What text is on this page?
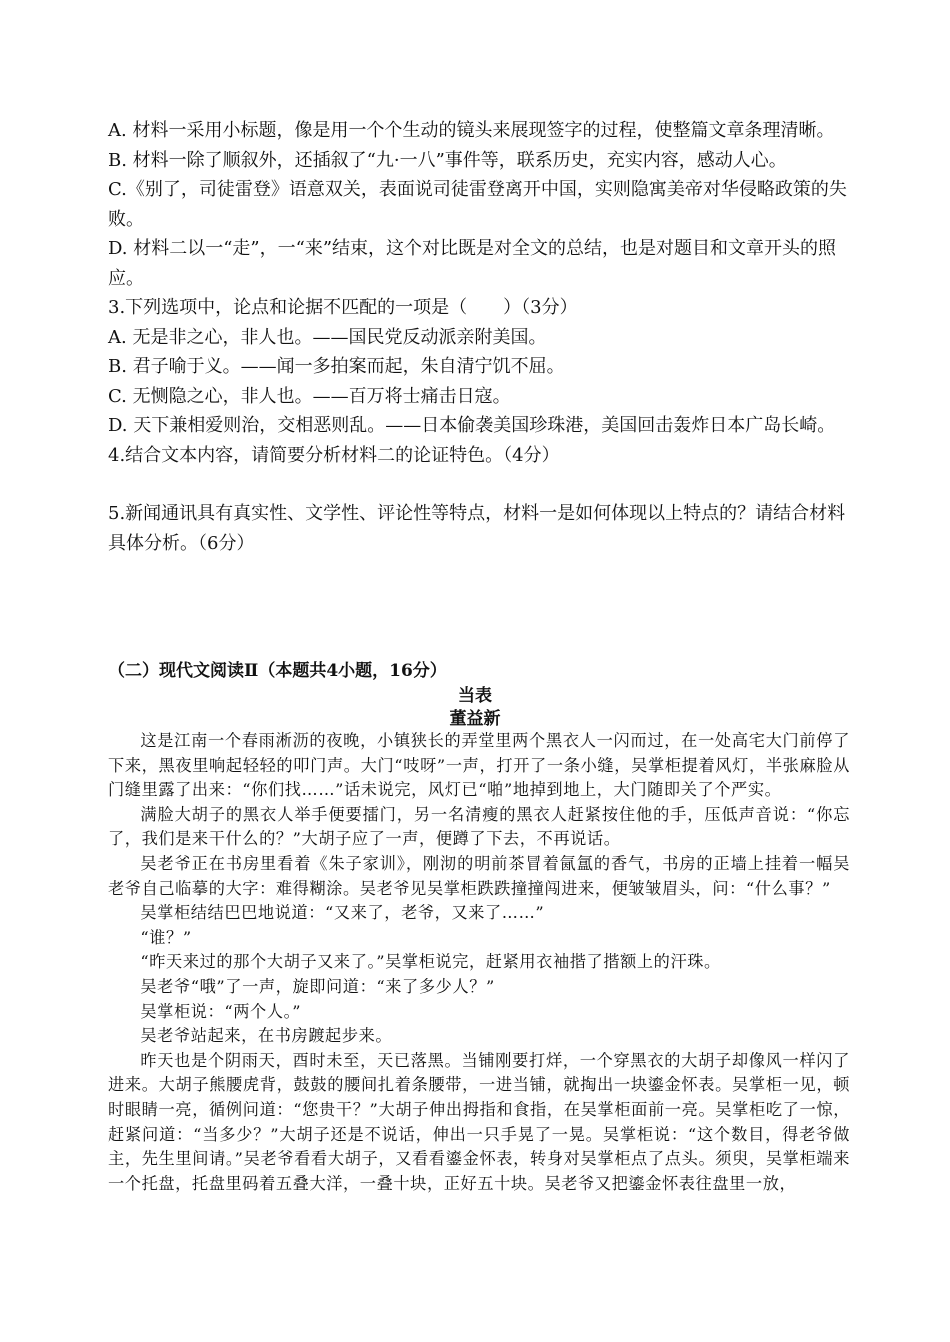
A. 材料一采用小标题，像是用一个个生动的镜头来展现签字的过程，使整篇文章条理清晰。

B. 材料一除了顺叙外，还插叙了“九·一八”事件等，联系历史，充实内容，感动人心。

C.《别了，司徒雷登》语意双关，表面说司徒雷登离开中国，实则隐寓美帝对华侵略政策的失败。

D. 材料二以一“走”，一“来”结束，这个对比既是对全文的总结，也是对题目和文章开头的照应。

3.下列选项中，论点和论据不匹配的一项是（　　）（3分）

A. 无是非之心，非人也。——国民党反动派亲附美国。

B. 君子喻于义。——闻一多拍案而起，朱自清宁饥不屈。

C. 无恻隐之心，非人也。——百万将士痛击日寇。

D. 天下兼相爱则治，交相恶则乱。——日本偷袭美国珍珠港，美国回击轰炸日本广岛长崎。

4.结合文本内容，请简要分析材料二的论证特色。（4分）

5.新闻通讯具有真实性、文学性、评论性等特点，材料一是如何体现以上特点的？请结合材料具体分析。（6分）

（二）现代文阅读Ⅱ（本题共4小题，16分）
当表
董益新

这是江南一个春雨淅沥的夜晚，小镇狭长的弄堂里两个黑衣人一闪而过，在一处高宅大门前停了下来，黑夜里响起轻轻的叩门声。大门“吱呀”一声，打开了一条小缝，吴掌柜提着风灯，半张麻脸从门缝里露了出来：“你们找……”话未说完，风灯已“啪”地掉到地上，大门随即关了个严实。

满脸大胡子的黑衣人举手便要擂门，另一名清瘦的黑衣人赶紧按住他的手，压低声音说：“你忘了，我们是来干什么的？”大胡子应了一声，便蹲了下去，不再说话。

吴老爷正在书房里看着《朱子家训》，刚沏的明前茶冒着氤氲的香气，书房的正墙上挂着一幅吴老爷自己临摹的大字：难得糊涂。吴老爷见吴掌柜跌跌撞撞闯进来，便皱皱眉头，问：“什么事？”

吴掌柜结结巴巴地说道：“又来了，老爷，又来了……”

“谁？”

“昨天来过的那个大胡子又来了。”吴掌柜说完，赶紧用衣袖揩了揩额上的汗珠。

吴老爷“哦”了一声，旋即问道：“来了多少人？”

吴掌柜说：“两个人。”

吴老爷站起来，在书房踱起步来。

昨天也是个阴雨天，酉时未至，天已落黑。当铺刚要打烊，一个穿黑衣的大胡子却像风一样闪了进来。大胡子熊腰虎背，鼓鼓的腰间扎着条腰带，一进当铺，就掏出一块鎏金怀表。吴掌柜一见，顿时眼睛一亮，循例问道：“您贵干？”大胡子伸出拇指和食指，在吴掌柜面前一亮。吴掌柜吃了一惊，赶紧问道：“当多少？”大胡子还是不说话，伸出一只手晃了一晃。吴掌柜说：“这个数目，得老爷做主，先生里间请。”吴老爷看看大胡子，又看看鎏金怀表，转身对吴掌柜点了点头。须臾，吴掌柜端来一个托盘，托盘里码着五叠大洋，一叠十块，正好五十块。吴老爷又把鎏金怀表往盘里一放，
